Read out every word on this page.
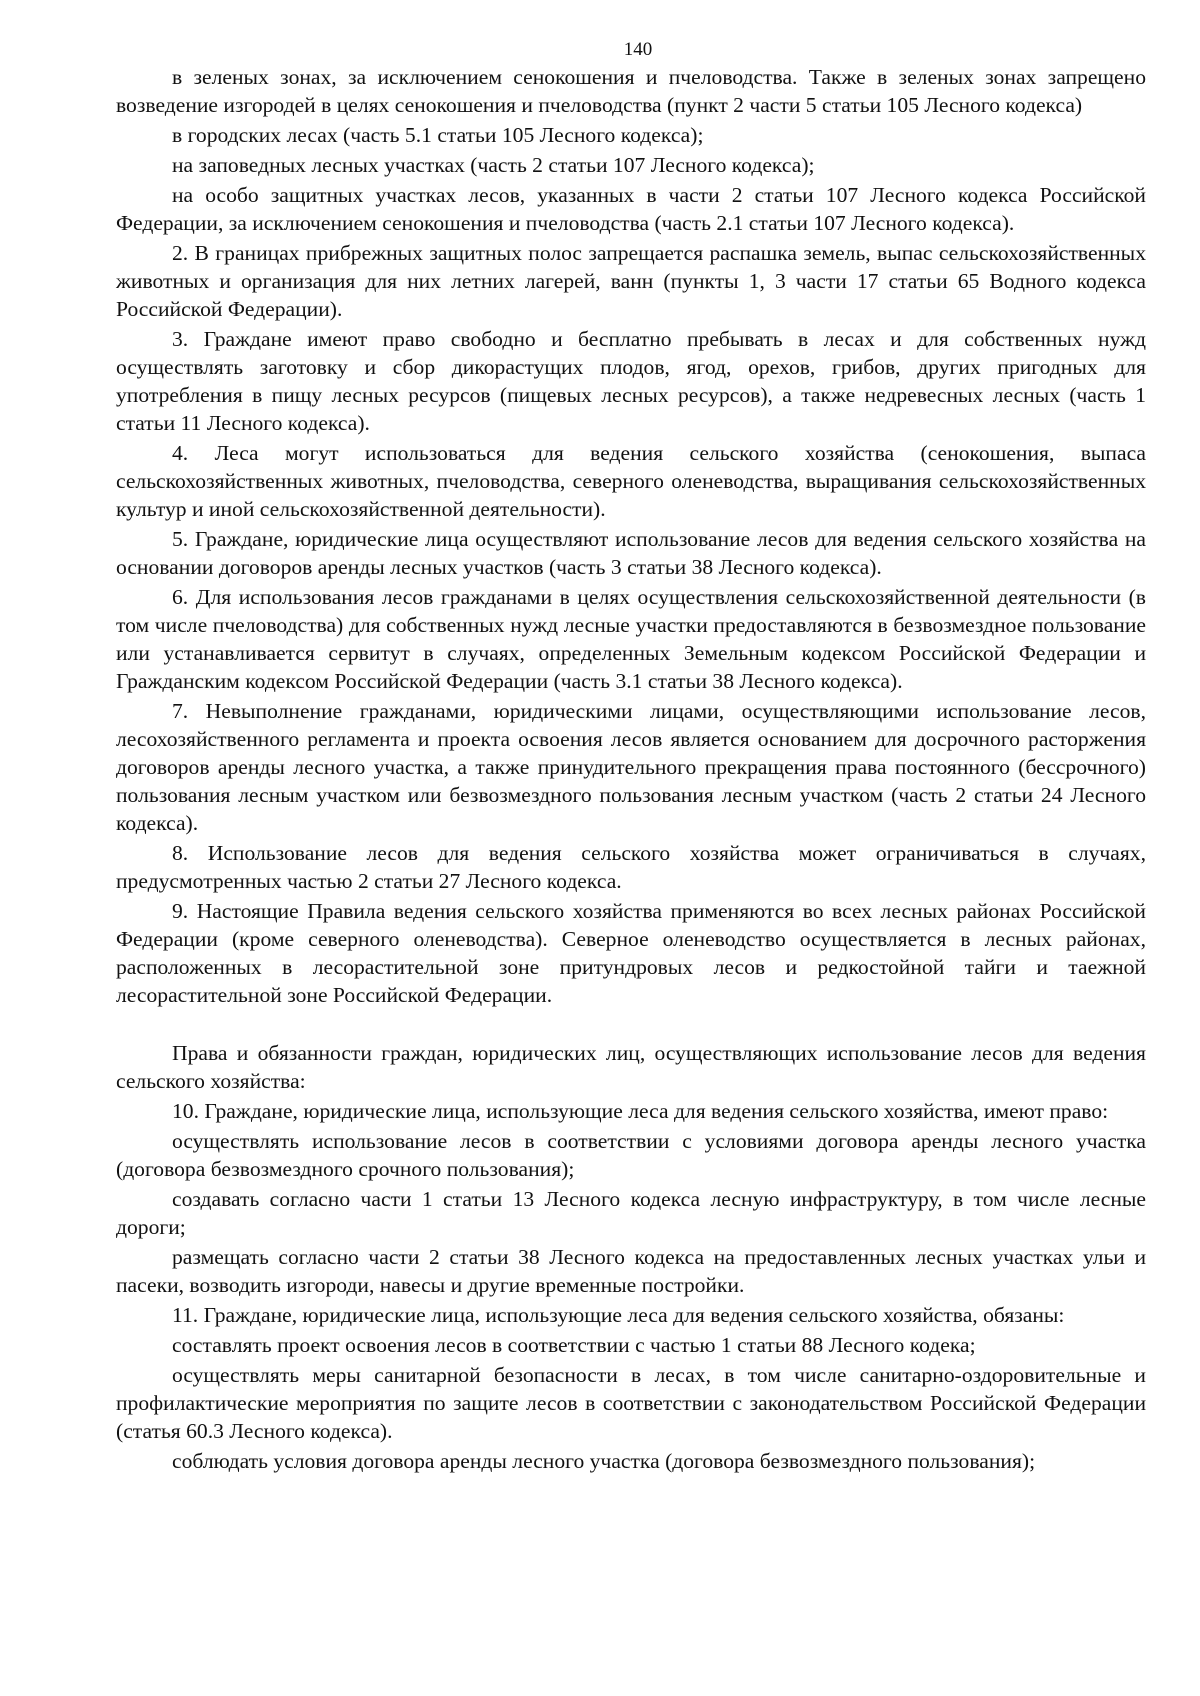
140

в зеленых зонах, за исключением сенокошения и пчеловодства. Также в зеленых зонах запрещено возведение изгородей в целях сенокошения и пчеловодства (пункт 2 части 5 статьи 105 Лесного кодекса)

в городских лесах (часть 5.1 статьи 105 Лесного кодекса);

на заповедных лесных участках (часть 2 статьи 107 Лесного кодекса);

на особо защитных участках лесов, указанных в части 2 статьи 107 Лесного кодекса Российской Федерации, за исключением сенокошения и пчеловодства (часть 2.1 статьи 107 Лесного кодекса).

2. В границах прибрежных защитных полос запрещается распашка земель, выпас сельскохозяйственных животных и организация для них летних лагерей, ванн (пункты 1, 3 части 17 статьи 65 Водного кодекса Российской Федерации).

3. Граждане имеют право свободно и бесплатно пребывать в лесах и для собственных нужд осуществлять заготовку и сбор дикорастущих плодов, ягод, орехов, грибов, других пригодных для употребления в пищу лесных ресурсов (пищевых лесных ресурсов), а также недревесных лесных (часть 1 статьи 11 Лесного кодекса).

4. Леса могут использоваться для ведения сельского хозяйства (сенокошения, выпаса сельскохозяйственных животных, пчеловодства, северного оленеводства, выращивания сельскохозяйственных культур и иной сельскохозяйственной деятельности).

5. Граждане, юридические лица осуществляют использование лесов для ведения сельского хозяйства на основании договоров аренды лесных участков (часть 3 статьи 38 Лесного кодекса).

6. Для использования лесов гражданами в целях осуществления сельскохозяйственной деятельности (в том числе пчеловодства) для собственных нужд лесные участки предоставляются в безвозмездное пользование или устанавливается сервитут в случаях, определенных Земельным кодексом Российской Федерации и Гражданским кодексом Российской Федерации (часть 3.1 статьи 38 Лесного кодекса).

7. Невыполнение гражданами, юридическими лицами, осуществляющими использование лесов, лесохозяйственного регламента и проекта освоения лесов является основанием для досрочного расторжения договоров аренды лесного участка, а также принудительного прекращения права постоянного (бессрочного) пользования лесным участком или безвозмездного пользования лесным участком (часть 2 статьи 24 Лесного кодекса).

8. Использование лесов для ведения сельского хозяйства может ограничиваться в случаях, предусмотренных частью 2 статьи 27 Лесного кодекса.

9. Настоящие Правила ведения сельского хозяйства применяются во всех лесных районах Российской Федерации (кроме северного оленеводства). Северное оленеводство осуществляется в лесных районах, расположенных в лесорастительной зоне притундровых лесов и редкостойной тайги и таежной лесорастительной зоне Российской Федерации.

Права и обязанности граждан, юридических лиц, осуществляющих использование лесов для ведения сельского хозяйства:

10. Граждане, юридические лица, использующие леса для ведения сельского хозяйства, имеют право:

осуществлять использование лесов в соответствии с условиями договора аренды лесного участка (договора безвозмездного срочного пользования);

создавать согласно части 1 статьи 13 Лесного кодекса лесную инфраструктуру, в том числе лесные дороги;

размещать согласно части 2 статьи 38 Лесного кодекса на предоставленных лесных участках ульи и пасеки, возводить изгороди, навесы и другие временные постройки.

11. Граждане, юридические лица, использующие леса для ведения сельского хозяйства, обязаны:

составлять проект освоения лесов в соответствии с частью 1 статьи 88 Лесного кодека;

осуществлять меры санитарной безопасности в лесах, в том числе санитарно-оздоровительные и профилактические мероприятия по защите лесов в соответствии с законодательством Российской Федерации (статья 60.3 Лесного кодекса).

соблюдать условия договора аренды лесного участка (договора безвозмездного пользования);
